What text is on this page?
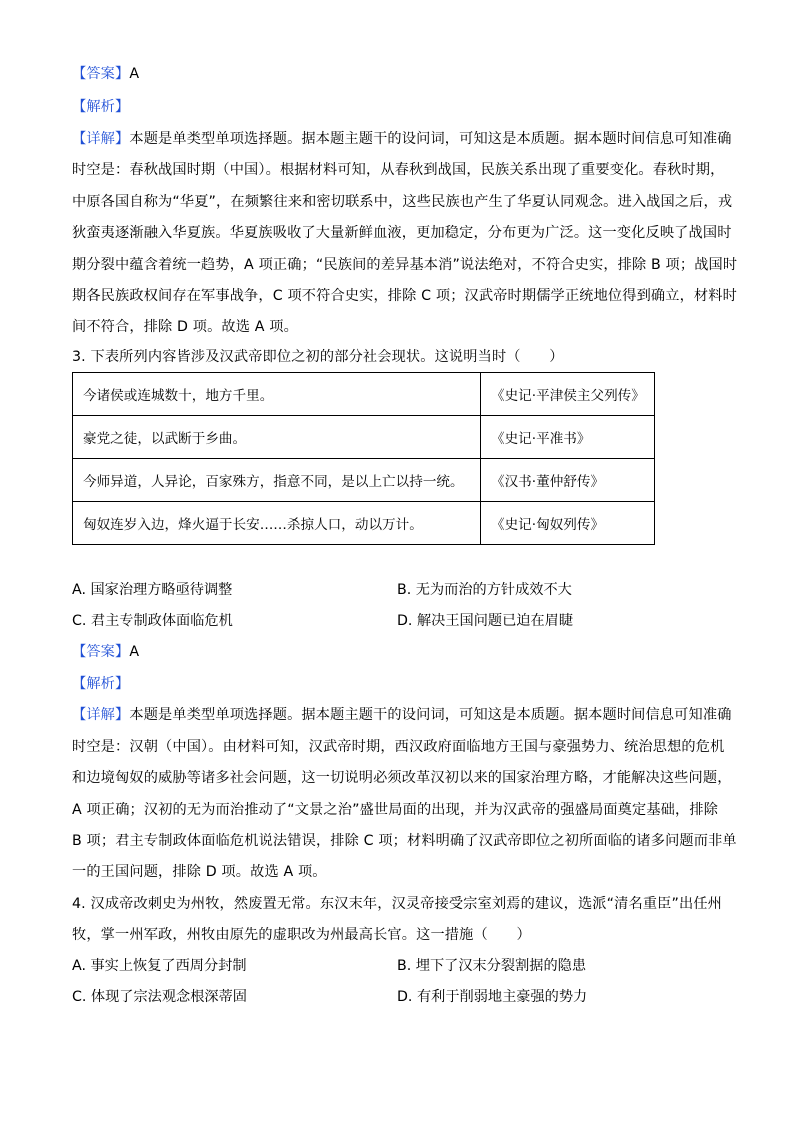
【答案】A
【解析】
【详解】本题是单类型单项选择题。据本题主题干的设问词，可知这是本质题。据本题时间信息可知准确
时空是：春秋战国时期（中国）。根据材料可知，从春秋到战国，民族关系出现了重要变化。春秋时期，
中原各国自称为“华夏”，在频繁往来和密切联系中，这些民族也产生了华夏认同观念。进入战国之后，戎
狄蛮夷逐渐融入华夏族。华夏族吸收了大量新鲜血液，更加稳定，分布更为广泛。这一变化反映了战国时
期分裂中蕴含着统一趋势，A 项正确；“民族间的差异基本消”说法绝对，不符合史实，排除 B 项；战国时
期各民族政权间存在军事战争，C 项不符合史实，排除 C 项；汉武帝时期儒学正统地位得到确立，材料时
间不符合，排除 D 项。故选 A 项。
3. 下表所列内容皆涉及汉武帝即位之初的部分社会现状。这说明当时（　　）
今诸侯或连城数十，地方千里。	《史记·平津侯主父列传》
豪党之徒，以武断于乡曲。	《史记·平准书》
今师异道，人异论，百家殊方，指意不同，是以上亡以持一统。	《汉书·董仲舒传》
匈奴连岁入边，烽火逼于长安……杀掠人口，动以万计。	《史记·匈奴列传》
A. 国家治理方略亟待调整	B. 无为而治的方针成效不大
C. 君主专制政体面临危机	D. 解决王国问题已迫在眉睫
【答案】A
【解析】
【详解】本题是单类型单项选择题。据本题主题干的设问词，可知这是本质题。据本题时间信息可知准确
时空是：汉朝（中国）。由材料可知，汉武帝时期，西汉政府面临地方王国与豪强势力、统治思想的危机
和边境匈奴的威胁等诸多社会问题，这一切说明必须改革汉初以来的国家治理方略，才能解决这些问题，
A 项正确；汉初的无为而治推动了“文景之治”盛世局面的出现，并为汉武帝的强盛局面奠定基础，排除
B 项；君主专制政体面临危机说法错误，排除 C 项；材料明确了汉武帝即位之初所面临的诸多问题而非单
一的王国问题，排除 D 项。故选 A 项。
4. 汉成帝改刺史为州牧，然废置无常。东汉末年，汉灵帝接受宗室刘焉的建议，选派“清名重臣”出任州
牧，掌一州军政，州牧由原先的虚职改为州最高长官。这一措施（　　）
A. 事实上恢复了西周分封制	B. 埋下了汉末分裂割据的隐患
C. 体现了宗法观念根深蒂固	D. 有利于削弱地主豪强的势力
